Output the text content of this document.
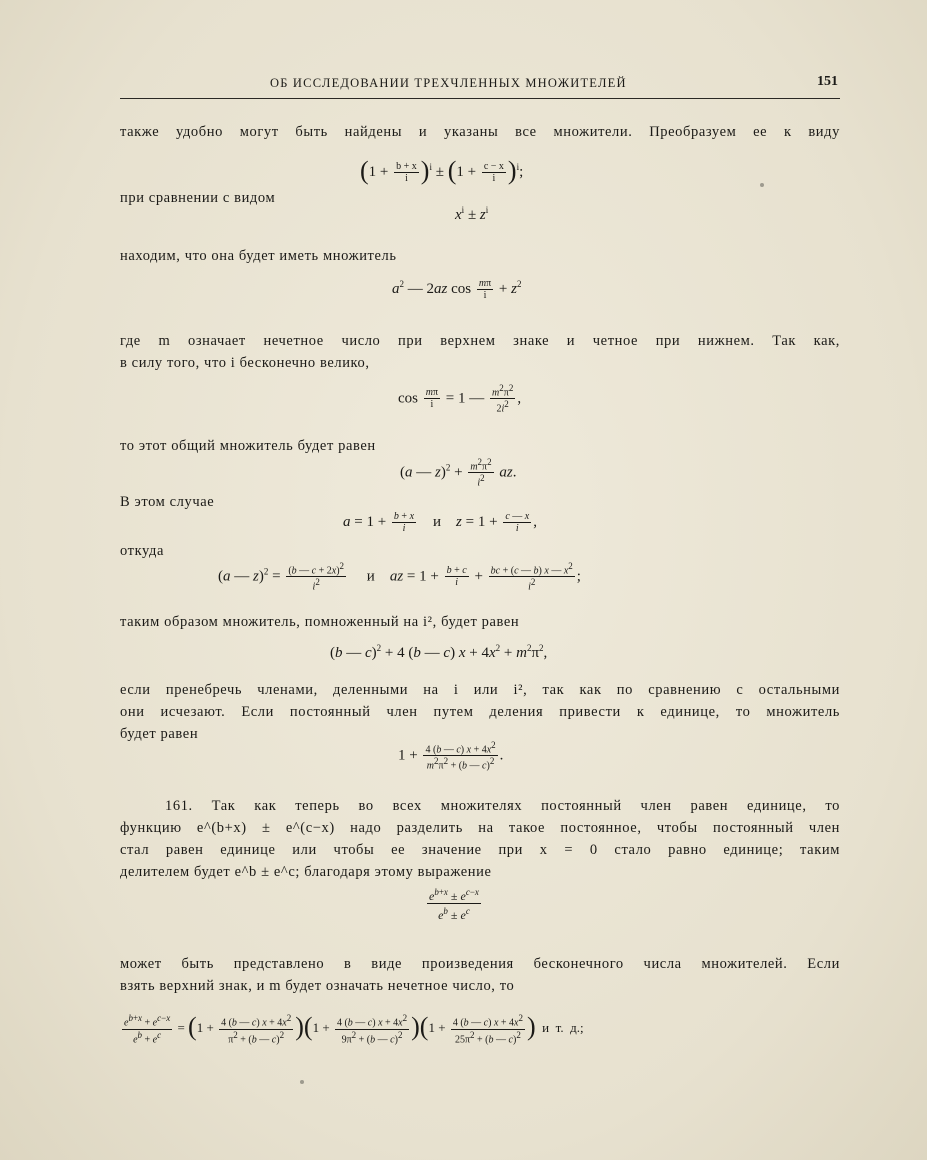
ОБ ИССЛЕДОВАНИИ ТРЕХЧЛЕННЫХ МНОЖИТЕЛЕЙ	151
также удобно могут быть найдены и указаны все множители. Преобразуем ее к виду
$(1 + \frac{b + x}{i} )^i \pm (1 + \frac{c - x}{i} )^i$;
при сравнении с видом
$x^i \pm z^i$
находим, что она будет иметь множитель
$a^2$ — 2az $\cos \frac{m\pi}{i} + z^2$
где m означает нечетное число при верхнем знаке и четное при нижнем. Так как,
в силу того, что i бесконечно велико,
$\cos \frac{m\pi}{i} = 1$ — $\frac{m^2\pi^2}{2i^2}$ ,
то этот общий множитель будет равен
(a — $z)^2 + \frac{m^2\pi^2}{i^2}$ az.
В этом случае
$a = 1 + \frac{b + x}{i}$ и    $z = 1 + \frac{c — x}{i}$ ,
откуда
(a — $z)^2 = \frac{(b — c + 2x)^2}{i^2}$ и    az = $1 + \frac{b + c}{i} + \frac{bc + (c — b) x — x^2}{i^2}$ ;
таким образом множитель, помноженный на i², будет равен
(b — c)$^2$ + 4 (b — c) $x + 4x^2 + m^2\pi^2$,
если пренебречь членами, деленными на i или i², так как по сравнению с остальными
они исчезают. Если постоянный член путем деления привести к единице, то множитель
будет равен
$1 + \frac{4 (b — c) x + 4x^2}{m^2\pi^2 + (b — c)^2}$ .
161. Так как теперь во всех множителях постоянный член равен единице, то
функцию e^(b+x) ± e^(c−x) надо разделить на такое постоянное, чтобы постоянный член
стал равен единице или чтобы ее значение при x = 0 стало равно единице; таким
делителем будет e^b ± e^c; благодаря этому выражение
$\frac{e^{b+x} \pm e^{c-x}}{e^b \pm e^c}$
может быть представлено в виде произведения бесконечного числа множителей. Если
взять верхний знак, и m будет означать нечетное число, то
$\frac{e^{b+x} + e^{c-x}}{e^b + e^c} = (1 + \frac{4 (b — c) x + 4x^2}{\pi^2 + (b — c)^2} )(1 + \frac{4 (b — c) x + 4x^2}{9\pi^2 + (b — c)^2} )(1 + \frac{4 (b — c) x + 4x^2}{25\pi^2 + (b — c)^2}$ )  и  т.  д.;
